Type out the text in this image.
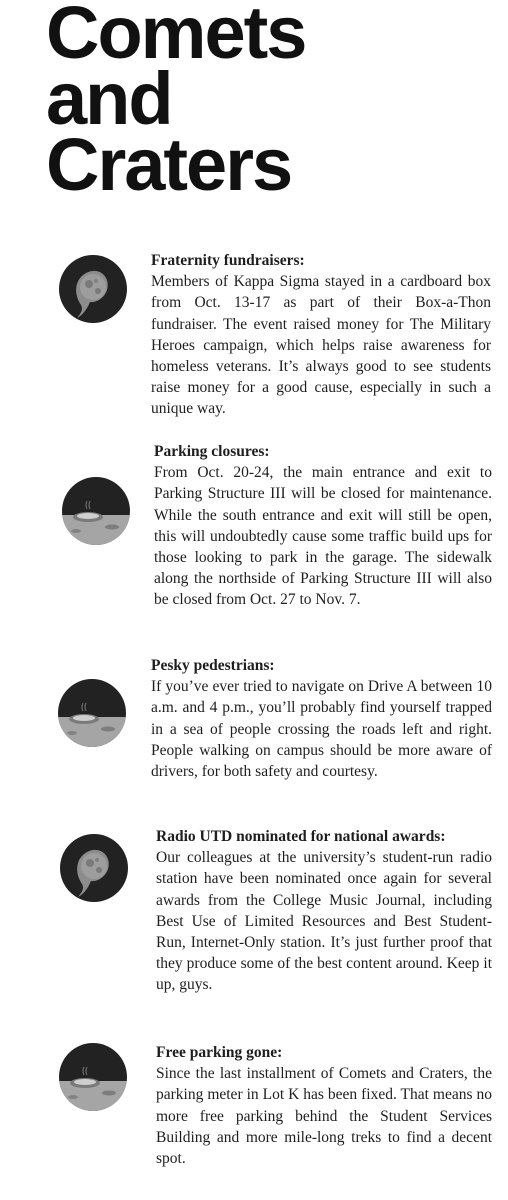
Comets
and
Craters
Fraternity fundraisers:
Members of Kappa Sigma stayed in a cardboard box from Oct. 13-17 as part of their Box-a-Thon fundraiser. The event raised money for The Military Heroes campaign, which helps raise awareness for homeless veterans. It’s always good to see students raise money for a good cause, especially in such a unique way.
Parking closures:
From Oct. 20-24, the main entrance and exit to Parking Structure III will be closed for maintenance. While the south entrance and exit will still be open, this will undoubtedly cause some traffic build ups for those looking to park in the garage. The sidewalk along the northside of Parking Structure III will also be closed from Oct. 27 to Nov. 7.
Pesky pedestrians:
If you’ve ever tried to navigate on Drive A between 10 a.m. and 4 p.m., you’ll probably find yourself trapped in a sea of people crossing the roads left and right. People walking on campus should be more aware of drivers, for both safety and courtesy.
Radio UTD nominated for national awards:
Our colleagues at the university’s student-run radio station have been nominated once again for several awards from the College Music Journal, including Best Use of Limited Resources and Best Student-Run, Internet-Only station. It’s just further proof that they produce some of the best content around. Keep it up, guys.
Free parking gone:
Since the last installment of Comets and Craters, the parking meter in Lot K has been fixed. That means no more free parking behind the Student Services Building and more mile-long treks to find a decent spot.
